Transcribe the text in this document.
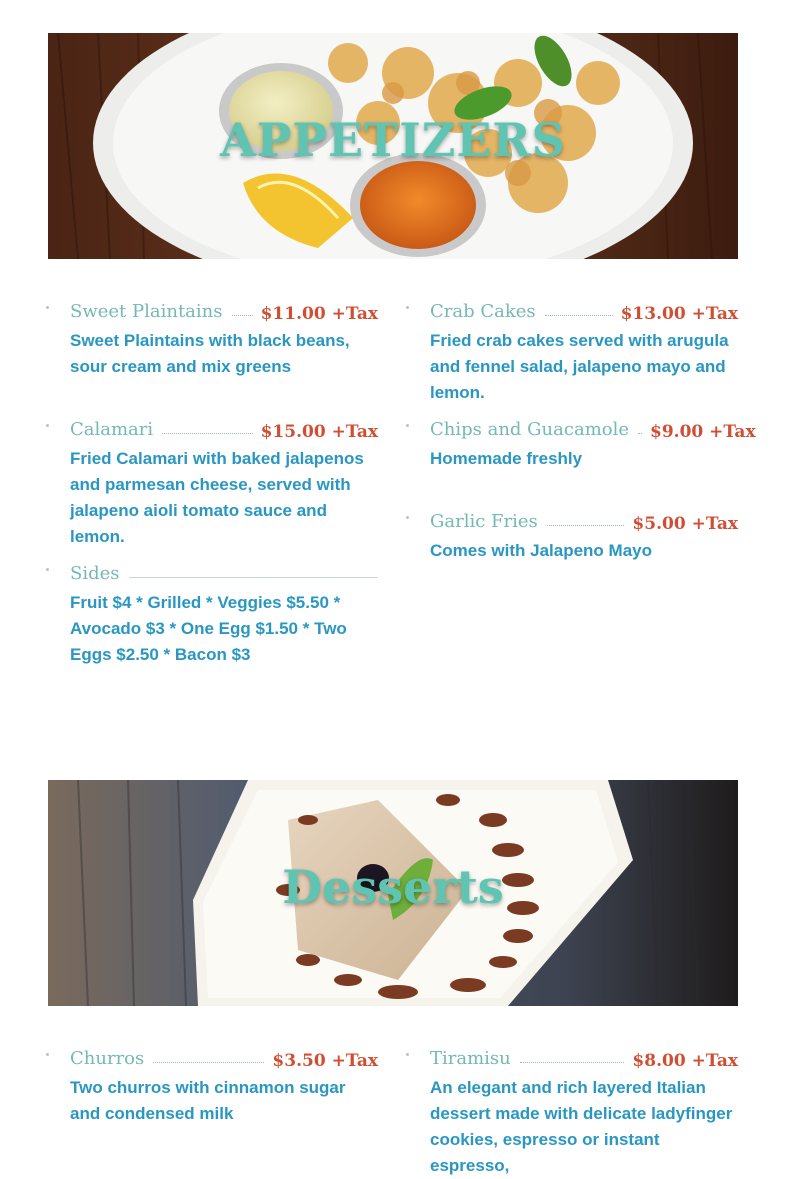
APPETIZERS
Sweet Plaintains $11.00 +Tax
Sweet Plaintains with black beans, sour cream and mix greens
Crab Cakes	$13.00 +Tax
Fried crab cakes served with arugula and fennel salad, jalapeno mayo and lemon.
Calamari	$15.00 +Tax
Fried Calamari with baked jalapenos and parmesan cheese, served with jalapeno aioli tomato sauce and lemon.
Chips and Guacamole $9.00 +Tax
Homemade freshly
Garlic Fries	$5.00 +Tax
Comes with Jalapeno Mayo
Sides
Fruit $4 * Grilled * Veggies $5.50 * Avocado $3 * One Egg $1.50 * Two Eggs $2.50 * Bacon $3
Desserts
Churros	$3.50 +Tax
Two churros with cinnamon sugar and condensed milk
Tiramisu	$8.00 +Tax
An elegant and rich layered Italian dessert made with delicate ladyfinger cookies, espresso or instant espresso,
